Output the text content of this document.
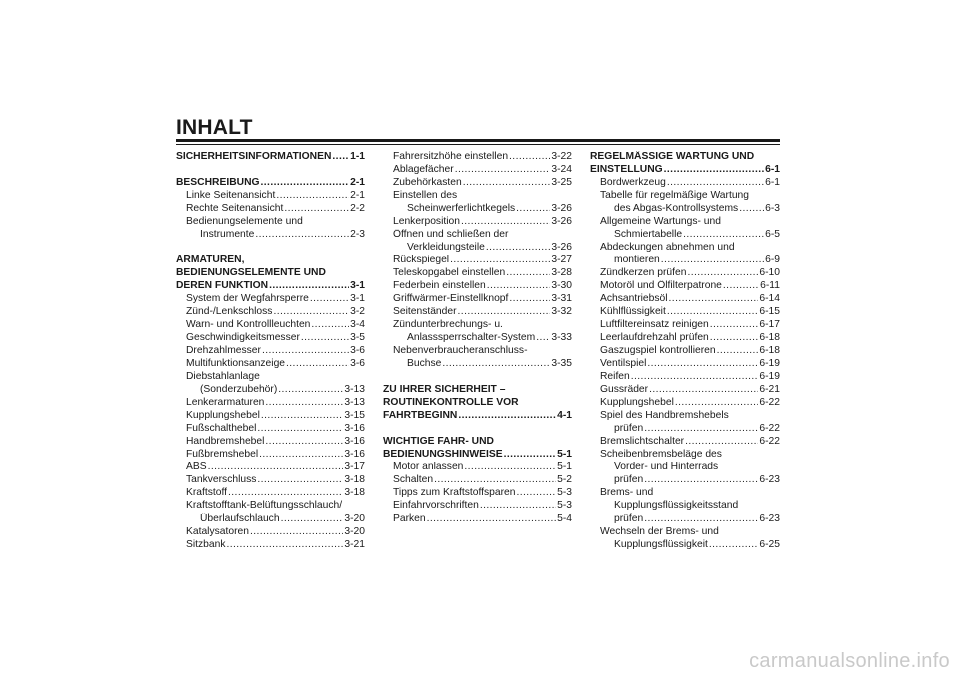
INHALT
SICHERHEITSINFORMATIONEN ..... 1-1
BESCHREIBUNG .....	2-1
Linke Seitenansicht .....	2-1
Rechte Seitenansicht .....	2-2
Bedienungselemente und
Instrumente .....	2-3
ARMATUREN,
BEDIENUNGSELEMENTE UND
DEREN FUNKTION .....	3-1
System der Wegfahrsperre .....	3-1
Zünd-/Lenkschloss .....	3-2
Warn- und Kontrollleuchten .....	3-4
Geschwindigkeitsmesser .....	3-5
Drehzahlmesser .....	3-6
Multifunktionsanzeige .....	3-6
Diebstahlanlage
(Sonderzubehör) .....	3-13
Lenkerarmaturen .....	3-13
Kupplungshebel .....	3-15
Fußschalthebel .....	3-16
Handbremshebel .....	3-16
Fußbremshebel .....	3-16
ABS .....	3-17
Tankverschluss .....	3-18
Kraftstoff .....	3-18
Kraftstofftank-Belüftungsschlauch/
Überlaufschlauch .....	3-20
Katalysatoren .....	3-20
Sitzbank .....	3-21
Fahrersitzhöhe einstellen .....	3-22
Ablagefächer .....	3-24
Zubehörkasten .....	3-25
Einstellen des
Scheinwerferlichtkegels .....	3-26
Lenkerposition .....	3-26
Öffnen und schließen der
Verkleidungsteile .....	3-26
Rückspiegel .....	3-27
Teleskopgabel einstellen .....	3-28
Federbein einstellen .....	3-30
Griffwärmer-Einstellknopf .....	3-31
Seitenständer .....	3-32
Zündunterbrechungs- u.
Anlasssperrschalter-System ..... 3-33
Nebenverbraucheranschluss-
Buchse .....	3-35
ZU IHRER SICHERHEIT –
ROUTINEKONTROLLE VOR
FAHRTBEGINN .....	4-1
WICHTIGE FAHR- UND
BEDIENUNGSHINWEISE .....	5-1
Motor anlassen .....	5-1
Schalten .....	5-2
Tipps zum Kraftstoffsparen .....	5-3
Einfahrvorschriften .....	5-3
Parken .....	5-4
REGELMÄSSIGE WARTUNG UND
EINSTELLUNG .....	6-1
Bordwerkzeug .....	6-1
Tabelle für regelmäßige Wartung
des Abgas-Kontrollsystems .....	6-3
Allgemeine Wartungs- und
Schmiertabelle .....	6-5
Abdeckungen abnehmen und
montieren .....	6-9
Zündkerzen prüfen .....	6-10
Motoröl und Ölfilterpatrone .....	6-11
Achsantriebsöl .....	6-14
Kühlflüssigkeit .....	6-15
Luftfiltereinsatz reinigen .....	6-17
Leerlaufdrehzahl prüfen .....	6-18
Gaszugspiel kontrollieren .....	6-18
Ventilspiel .....	6-19
Reifen .....	6-19
Gussräder .....	6-21
Kupplungshebel .....	6-22
Spiel des Handbremshebels
prüfen .....	6-22
Bremslichtschalter .....	6-22
Scheibenbremsbeläge des
Vorder- und Hinterrads
prüfen .....	6-23
Brems- und
Kupplungsflüssigkeitsstand
prüfen .....	6-23
Wechseln der Brems- und
Kupplungsflüssigkeit .....	6-25
carmanualsonline.info
